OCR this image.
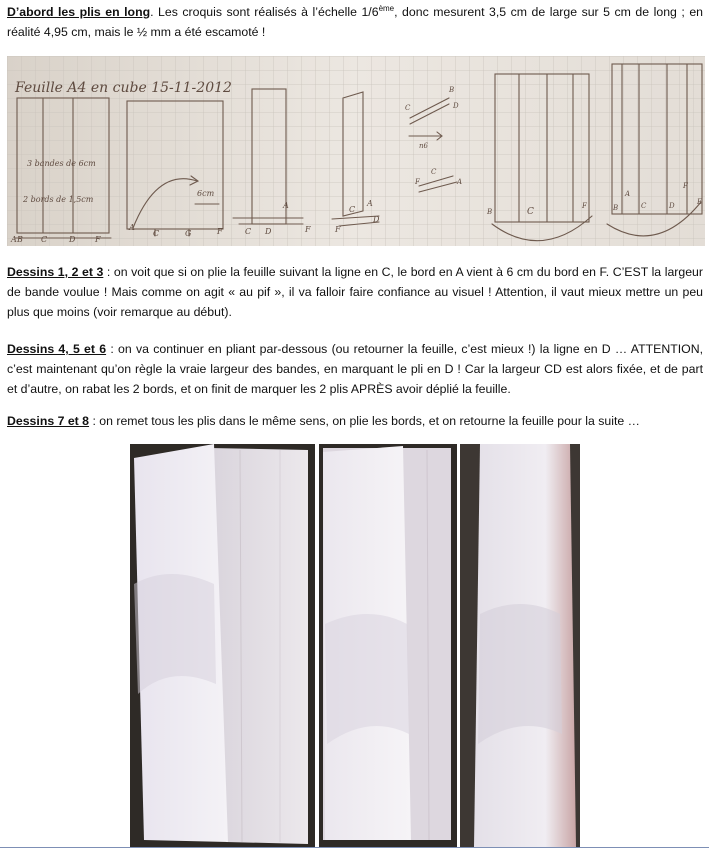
D’abord les plis en long. Les croquis sont réalisés à l’échelle 1/6ème, donc mesurent 3,5 cm de large sur 5 cm de long ; en réalité 4,95 cm, mais le ½ mm a été escamoté !
Feuille A4 en cube 15-11-2012
3 bandes de 6cm
2 bords de 1,5cm
6cm
n6
A B C	D F
A
C	G	F	C D	F
A	C
A
D
F
C
B
D
F
C
A
B	C
F	B
A
C	D
F
E
Dessins 1, 2 et 3 : on voit que si on plie la feuille suivant la ligne en C, le bord en A vient à 6 cm du bord en F. C’EST la largeur de bande voulue ! Mais comme on agit « au pif », il va falloir faire confiance au visuel ! Attention, il vaut mieux mettre un peu plus que moins (voir remarque au début).
Dessins 4, 5 et 6 : on va continuer en pliant par-dessous (ou retourner la feuille, c’est mieux !) la ligne en D … ATTENTION, c’est maintenant qu’on règle la vraie largeur des bandes, en marquant le pli en D ! Car la largeur CD est alors fixée, et de part et d’autre, on rabat les 2 bords, et on finit de marquer les 2 plis APRÈS avoir déplié la feuille.
Dessins 7 et 8 : on remet tous les plis dans le même sens, on plie les bords, et on retourne la feuille pour la suite …
